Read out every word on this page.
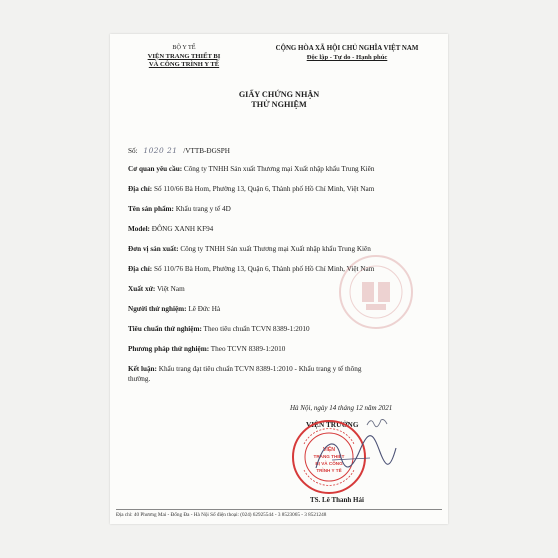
BỘ Y TẾ
VIỆN TRANG THIẾT BỊ
VÀ CÔNG TRÌNH Y TẾ
CỘNG HÒA XÃ HỘI CHỦ NGHĨA VIỆT NAM
Độc lập - Tự do - Hạnh phúc
GIẤY CHỨNG NHẬN
THỬ NGHIỆM
Số: 1020 21 /VTTB-ĐGSPH
Cơ quan yêu cầu: Công ty TNHH Sản xuất Thương mại Xuất nhập khẩu Trung Kiên
Địa chỉ: Số 110/66 Bà Hom, Phường 13, Quận 6, Thành phố Hồ Chí Minh, Việt Nam
Tên sản phẩm: Khẩu trang y tế 4D
Model: ĐÔNG XANH KF94
Đơn vị sản xuất: Công ty TNHH Sản xuất Thương mại Xuất nhập khẩu Trung Kiên
Địa chỉ: Số 110/76 Bà Hom, Phường 13, Quận 6, Thành phố Hồ Chí Minh, Việt Nam
Xuất xứ: Việt Nam
Người thử nghiệm: Lê Đức Hà
Tiêu chuẩn thử nghiệm: Theo tiêu chuẩn TCVN 8389-1:2010
Phương pháp thử nghiệm: Theo TCVN 8389-1:2010
Kết luận: Khẩu trang đạt tiêu chuẩn TCVN 8389-1:2010 - Khẩu trang y tế thông
thường.
Hà Nội, ngày 14 tháng 12 năm 2021
VIỆN TRƯỞNG
VIỆN
TRANG THIẾT
BỊ VÀ CÔNG
TRÌNH Y TẾ
TS. Lê Thanh Hải
Địa chỉ: 40 Phương Mai - Đống Đa - Hà Nội Số điện thoại: (024) 62925544 - 3 8523065 - 3 8521248
